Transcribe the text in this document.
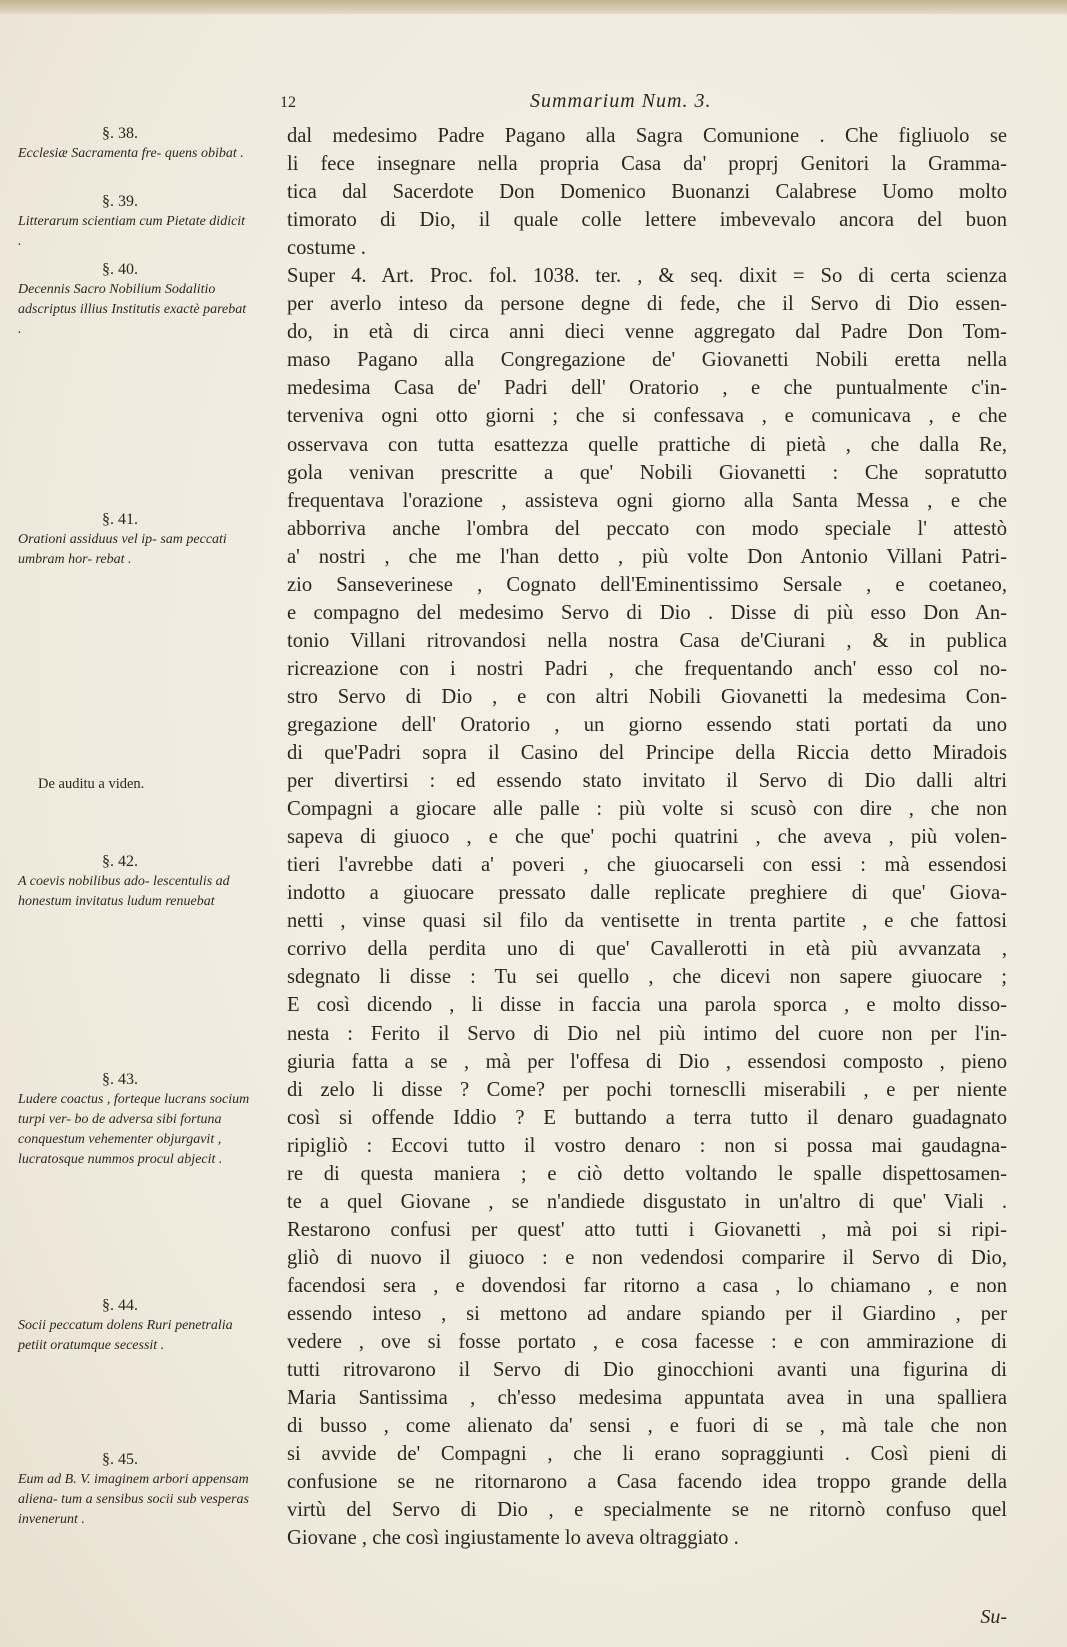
12	Summarium Num. 3.
dal medesimo Padre Pagano alla Sagra Comunione . Che figliuolo se
li fece insegnare nella propria Casa da' proprj Genitori la Gramma-
tica dal Sacerdote Don Domenico Buonanzi Calabrese Uomo molto
timorato di Dio, il quale colle lettere imbevevalo ancora del buon
costume .
Super 4. Art. Proc. fol. 1038. ter. , & seq. dixit = So di certa scienza
per averlo inteso da persone degne di fede, che il Servo di Dio essen-
do, in età di circa anni dieci venne aggregato dal Padre Don Tom-
maso Pagano alla Congregazione de' Giovanetti Nobili eretta nella
medesima Casa de' Padri dell' Oratorio , e che puntualmente c'in-
terveniva ogni otto giorni ; che si confessava , e comunicava , e che
osservava con tutta esattezza quelle prattiche di pietà , che dalla Re,
gola venivan prescritte a que' Nobili Giovanetti : Che sopratutto
frequentava l'orazione , assisteva ogni giorno alla Santa Messa , e che
abborriva anche l'ombra del peccato con modo speciale l' attestò
a' nostri , che me l'han detto , più volte Don Antonio Villani Patri-
zio Sanseverinese , Cognato dell'Eminentissimo Sersale , e coetaneo,
e compagno del medesimo Servo di Dio . Disse di più esso Don An-
tonio Villani ritrovandosi nella nostra Casa de'Ciurani , & in publica
ricreazione con i nostri Padri , che frequentando anch' esso col no-
stro Servo di Dio , e con altri Nobili Giovanetti la medesima Con-
gregazione dell' Oratorio , un giorno essendo stati portati da uno
di que'Padri sopra il Casino del Principe della Riccia detto Miradois
per divertirsi : ed essendo stato invitato il Servo di Dio dalli altri
Compagni a giocare alle palle : più volte si scusò con dire , che non
sapeva di giuoco , e che que' pochi quatrini , che aveva , più volen-
tieri l'avrebbe dati a' poveri , che giuocarseli con essi : mà essendosi
indotto a giuocare pressato dalle replicate preghiere di que' Giova-
netti , vinse quasi sil filo da ventisette in trenta partite , e che fattosi
corrivo della perdita uno di que' Cavallerotti in età più avvanzata ,
sdegnato li disse : Tu sei quello , che dicevi non sapere giuocare ;
E così dicendo , li disse in faccia una parola sporca , e molto disso-
nesta : Ferito il Servo di Dio nel più intimo del cuore non per l'in-
giuria fatta a se , mà per l'offesa di Dio , essendosi composto , pieno
di zelo li disse ? Come? per pochi tornesclli miserabili , e per niente
così si offende Iddio ? E buttando a terra tutto il denaro guadagnato
ripigliò : Eccovi tutto il vostro denaro : non si possa mai gaudagna-
re di questa maniera ; e ciò detto voltando le spalle dispettosamen-
te a quel Giovane , se n'andiede disgustato in un'altro di que' Viali .
Restarono confusi per quest' atto tutti i Giovanetti , mà poi si ripi-
gliò di nuovo il giuoco : e non vedendosi comparire il Servo di Dio,
facendosi sera , e dovendosi far ritorno a casa , lo chiamano , e non
essendo inteso , si mettono ad andare spiando per il Giardino , per
vedere , ove si fosse portato , e cosa facesse : e con ammirazione di
tutti ritrovarono il Servo di Dio ginocchioni avanti una figurina di
Maria Santissima , ch'esso medesima appuntata avea in una spalliera
di busso , come alienato da' sensi , e fuori di se , mà tale che non
si avvide de' Compagni , che li erano sopraggiunti . Così pieni di
confusione se ne ritornarono a Casa facendo idea troppo grande della
virtù del Servo di Dio , e specialmente se ne ritornò confuso quel
Giovane , che così ingiustamente lo aveva oltraggiato .
Su-
§. 38.
Ecclesiæ Sacramenta fre- quens obibat .
§. 39.
Litterarum scientiam cum Pietate didicit .
§. 40.
Decennis Sacro Nobilium Sodalitio adscriptus illius Institutis exactè parebat .
§. 41.
Orationi assiduus vel ip- sam peccati umbram hor- rebat .
De auditu a viden.
§. 42.
A coevis nobilibus ado- lescentulis ad honestum invitatus ludum renuebat
§. 43.
Ludere coactus , forteque lucrans socium turpi ver- bo de adversa sibi fortuna conquestum vehementer objurgavit , lucratosque nummos procul abjecit .
§. 44.
Socii peccatum dolens Ruri penetralia petiit oratumque secessit .
§. 45.
Eum ad B. V. imaginem arbori appensam aliena- tum a sensibus socii sub vesperas invenerunt .
